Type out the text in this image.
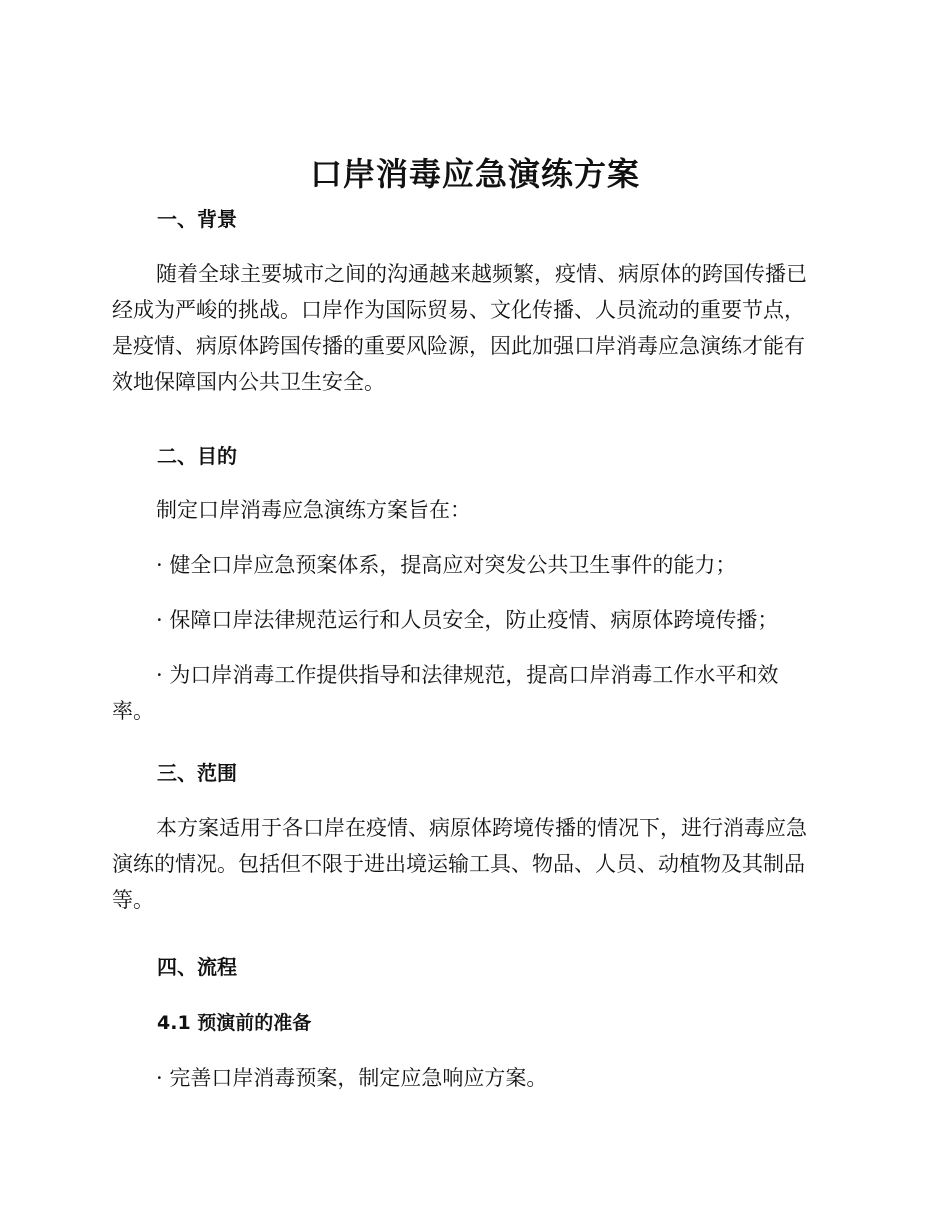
口岸消毒应急演练方案
一、背景
随着全球主要城市之间的沟通越来越频繁，疫情、病原体的跨国传播已
经成为严峻的挑战。口岸作为国际贸易、文化传播、人员流动的重要节点，
是疫情、病原体跨国传播的重要风险源，因此加强口岸消毒应急演练才能有
效地保障国内公共卫生安全。
二、目的
制定口岸消毒应急演练方案旨在：
· 健全口岸应急预案体系，提高应对突发公共卫生事件的能力；
· 保障口岸法律规范运行和人员安全，防止疫情、病原体跨境传播；
· 为口岸消毒工作提供指导和法律规范，提高口岸消毒工作水平和效
率。
三、范围
本方案适用于各口岸在疫情、病原体跨境传播的情况下，进行消毒应急
演练的情况。包括但不限于进出境运输工具、物品、人员、动植物及其制品
等。
四、流程
4.1 预演前的准备
· 完善口岸消毒预案，制定应急响应方案。
